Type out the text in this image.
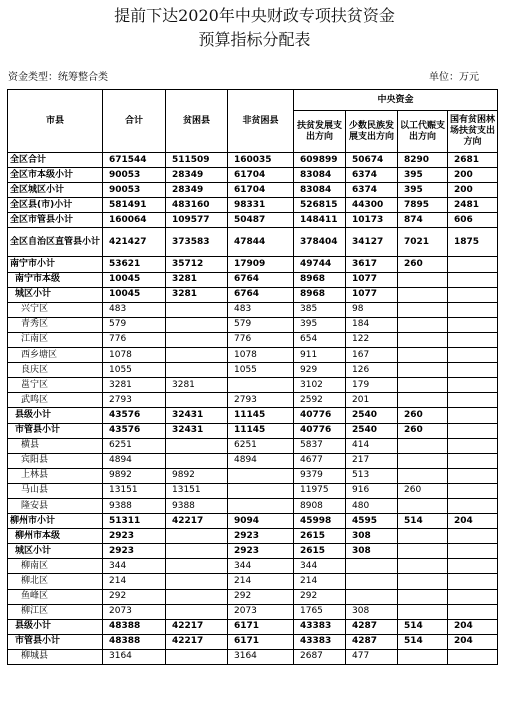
提前下达2020年中央财政专项扶贫资金
预算指标分配表
资金类型：统筹整合类	单位：万元
市县	合计	贫困县	非贫困县	中央资金			
				扶贫发展支出方向	少数民族发展支出方向	以工代赈支出方向	国有贫困林场扶贫支出方向
全区合计	671544	511509	160035	609899	50674	8290	2681
全区市本级小计	90053	28349	61704	83084	6374	395	200
全区城区小计	90053	28349	61704	83084	6374	395	200
全区县(市)小计	581491	483160	98331	526815	44300	7895	2481
全区市管县小计	160064	109577	50487	148411	10173	874	606
全区自治区直管县小计	421427	373583	47844	378404	34127	7021	1875
南宁市小计	53621	35712	17909	49744	3617	260	
南宁市本级	10045	3281	6764	8968	1077		
城区小计	10045	3281	6764	8968	1077		
兴宁区	483		483	385	98		
青秀区	579		579	395	184		
江南区	776		776	654	122		
西乡塘区	1078		1078	911	167		
良庆区	1055		1055	929	126		
邕宁区	3281	3281		3102	179		
武鸣区	2793		2793	2592	201		
县级小计	43576	32431	11145	40776	2540	260	
市管县小计	43576	32431	11145	40776	2540	260	
横县	6251		6251	5837	414		
宾阳县	4894		4894	4677	217		
上林县	9892	9892		9379	513		
马山县	13151	13151		11975	916	260	
隆安县	9388	9388		8908	480		
柳州市小计	51311	42217	9094	45998	4595	514	204
柳州市本级	2923		2923	2615	308		
城区小计	2923		2923	2615	308		
柳南区	344		344	344			
柳北区	214		214	214			
鱼峰区	292		292	292			
柳江区	2073		2073	1765	308		
县级小计	48388	42217	6171	43383	4287	514	204
市管县小计	48388	42217	6171	43383	4287	514	204
柳城县	3164		3164	2687	477		
